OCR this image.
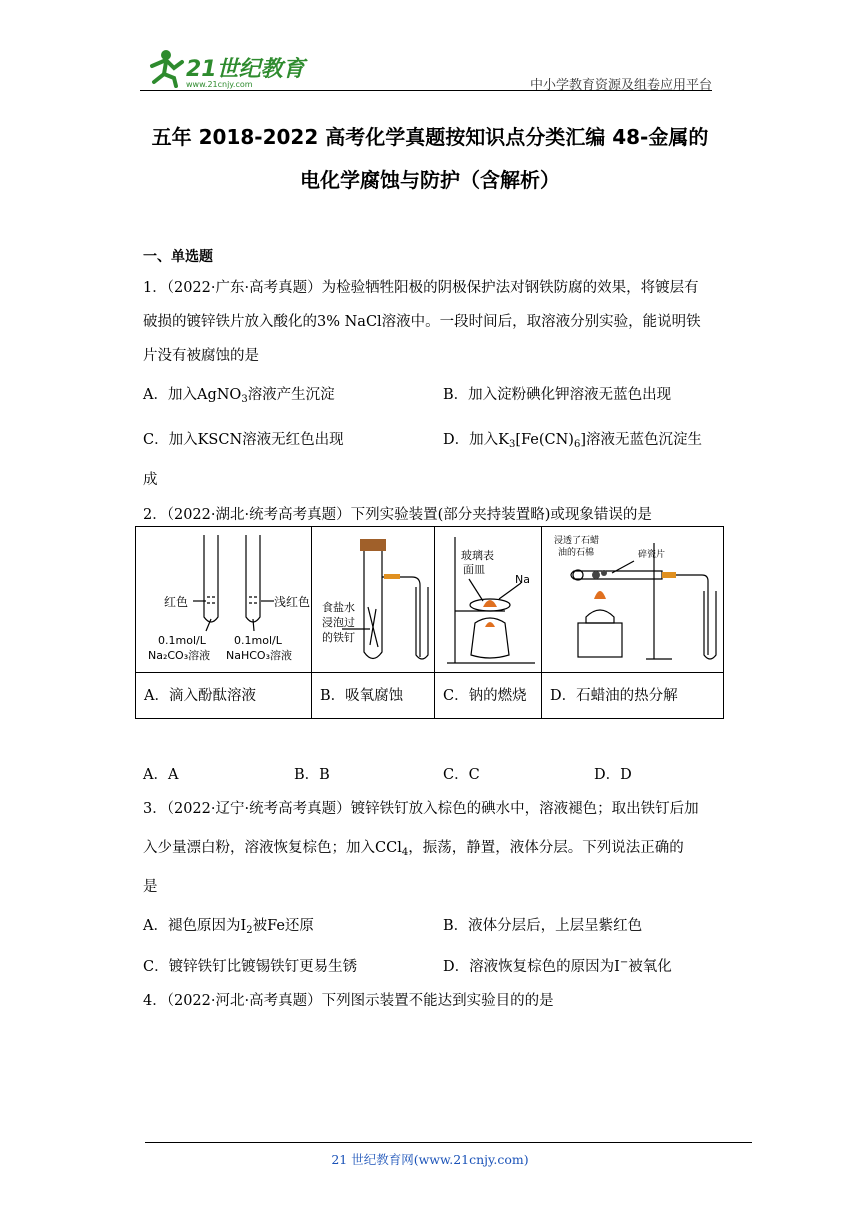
21世纪教育
www.21cnjy.com	中小学教育资源及组卷应用平台
五年 2018-2022 高考化学真题按知识点分类汇编 48-金属的
电化学腐蚀与防护（含解析）
一、单选题
1．（2022·广东·高考真题）为检验牺牲阳极的阴极保护法对钢铁防腐的效果，将镀层有
破损的镀锌铁片放入酸化的3% NaCl溶液中。一段时间后，取溶液分别实验，能说明铁
片没有被腐蚀的是
A．加入AgNO$_3$溶液产生沉淀	B．加入淀粉碘化钾溶液无蓝色出现
C．加入KSCN溶液无红色出现	D．加入$K_3[Fe(CN)_6]$溶液无蓝色沉淀生
成
2．（2022·湖北·统考高考真题）下列实验装置(部分夹持装置略)或现象错误的是
红色	浅红色
0.1mol/L
Na₂CO₃溶液
0.1mol/L
NaHCO₃溶液
食盐水
浸泡过
的铁钉
玻璃表
面皿
Na
浸透了石蜡
油的石棉	碎瓷片
A．滴入酚酞溶液	B．吸氧腐蚀	C．钠的燃烧	D．石蜡油的热分解
A．A	B．B	C．C	D．D
3．（2022·辽宁·统考高考真题）镀锌铁钉放入棕色的碘水中，溶液褪色；取出铁钉后加
入少量漂白粉，溶液恢复棕色；加入CCl$_4$，振荡，静置，液体分层。下列说法正确的
是
A．褪色原因为$I_2$被Fe还原	B．液体分层后，上层呈紫红色
C．镀锌铁钉比镀锡铁钉更易生锈	D．溶液恢复棕色的原因为I−被氧化
4．（2022·河北·高考真题）下列图示装置不能达到实验目的的是
21 世纪教育网(www.21cnjy.com)
